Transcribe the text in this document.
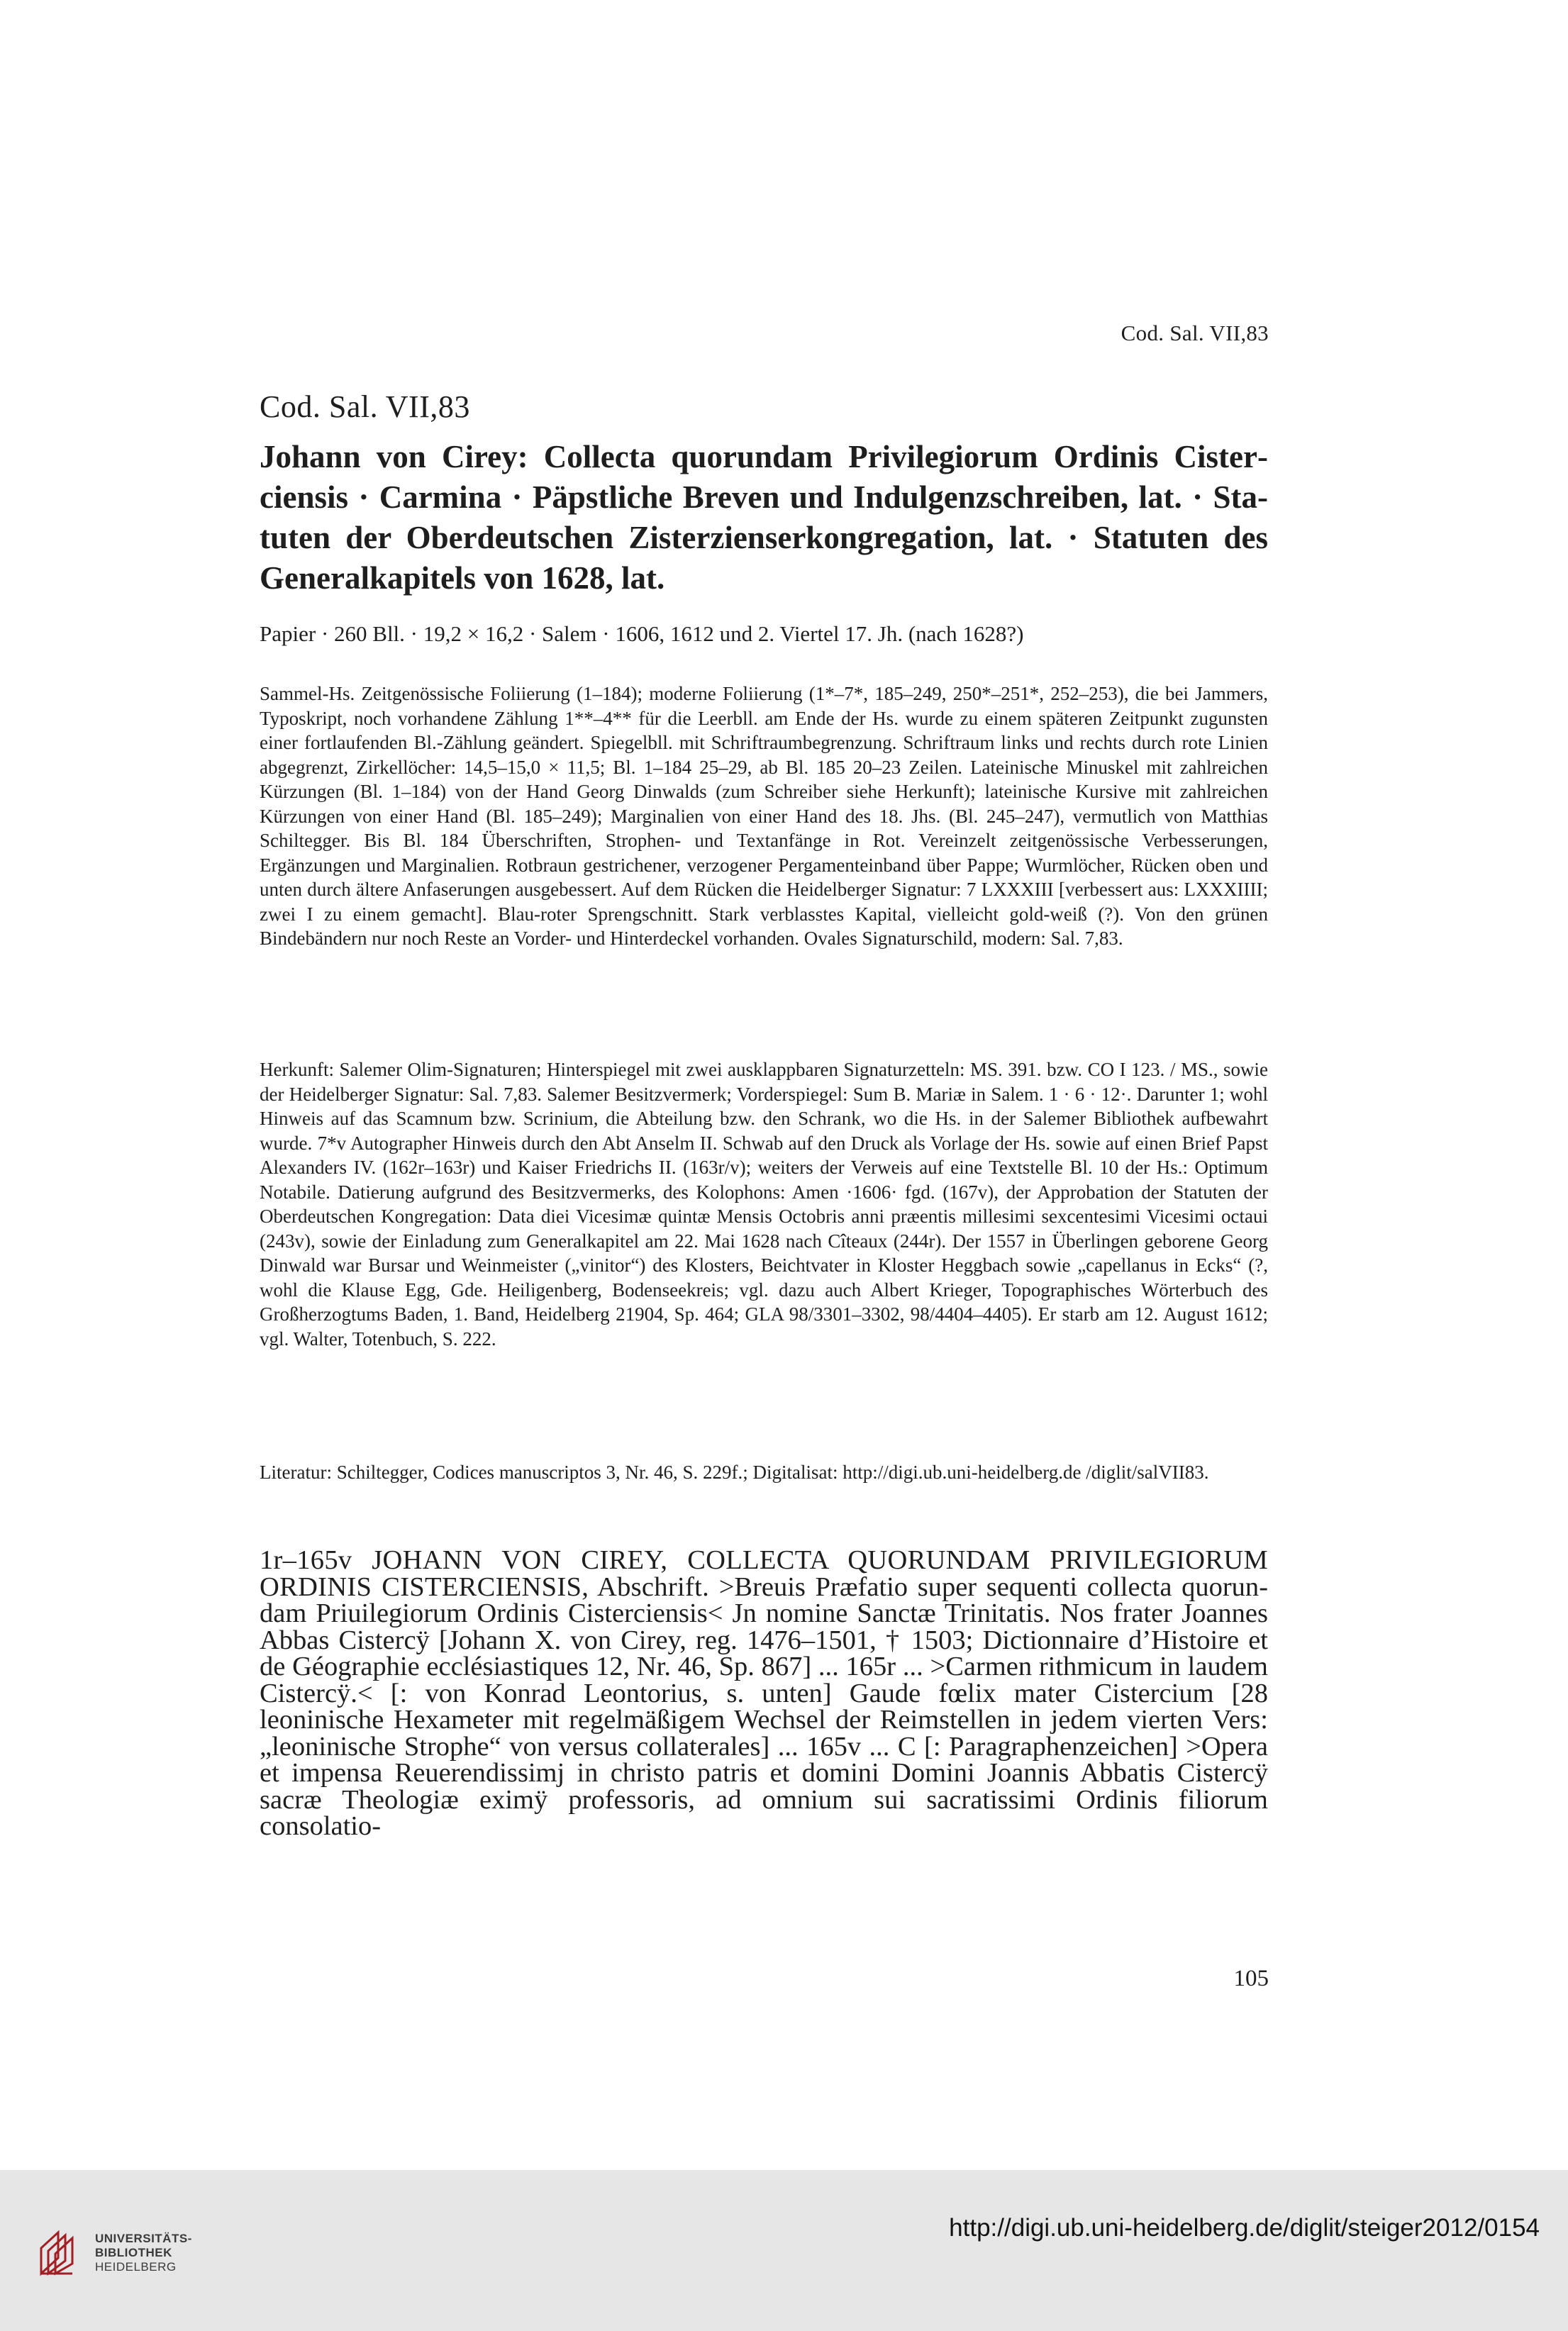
Cod. Sal. VII,83
Cod. Sal. VII,83
Johann von Cirey: Collecta quorundam Privilegiorum Ordinis Cisterciensis · Carmina · Päpstliche Breven und Indulgenzschreiben, lat. · Statuten der Oberdeutschen Zisterzienserkongregation, lat. · Statuten des Generalkapitels von 1628, lat.
Papier · 260 Bll. · 19,2 × 16,2 · Salem · 1606, 1612 und 2. Viertel 17. Jh. (nach 1628?)
Sammel-Hs. Zeitgenössische Foliierung (1–184); moderne Foliierung (1*–7*, 185–249, 250*–251*, 252–253), die bei Jammers, Typoskript, noch vorhandene Zählung 1**–4** für die Leerbll. am Ende der Hs. wurde zu einem späteren Zeitpunkt zugunsten einer fortlaufenden Bl.-Zählung geändert. Spiegelbll. mit Schriftraumbegrenzung. Schriftraum links und rechts durch rote Linien abgegrenzt, Zirkellöcher: 14,5–15,0 × 11,5; Bl. 1–184 25–29, ab Bl. 185 20–23 Zeilen. Lateinische Minuskel mit zahlreichen Kürzungen (Bl. 1–184) von der Hand Georg Dinwalds (zum Schreiber siehe Herkunft); lateinische Kursive mit zahlreichen Kürzungen von einer Hand (Bl. 185–249); Marginalien von einer Hand des 18. Jhs. (Bl. 245–247), vermutlich von Matthias Schiltegger. Bis Bl. 184 Überschriften, Strophen- und Textanfänge in Rot. Vereinzelt zeitgenössische Verbesserungen, Ergänzungen und Marginalien. Rotbraun gestrichener, verzogener Pergamenteinband über Pappe; Wurmlöcher, Rücken oben und unten durch ältere Anfaserungen ausgebessert. Auf dem Rücken die Heidelberger Signatur: 7 LXXXIII [verbessert aus: LXXXIIII; zwei I zu einem gemacht]. Blau-roter Sprengschnitt. Stark verblasstes Kapital, vielleicht gold-weiß (?). Von den grünen Bindebändern nur noch Reste an Vorder- und Hinterdeckel vorhanden. Ovales Signaturschild, modern: Sal. 7,83.
Herkunft: Salemer Olim-Signaturen; Hinterspiegel mit zwei ausklappbaren Signaturzetteln: MS. 391. bzw. CO I 123. / MS., sowie der Heidelberger Signatur: Sal. 7,83. Salemer Besitzvermerk; Vorderspiegel: Sum B. Mariæ in Salem. 1 · 6 · 12·. Darunter 1; wohl Hinweis auf das Scamnum bzw. Scrinium, die Abteilung bzw. den Schrank, wo die Hs. in der Salemer Bibliothek aufbewahrt wurde. 7*v Autographer Hinweis durch den Abt Anselm II. Schwab auf den Druck als Vorlage der Hs. sowie auf einen Brief Papst Alexanders IV. (162r–163r) und Kaiser Friedrichs II. (163r/v); weiters der Verweis auf eine Textstelle Bl. 10 der Hs.: Optimum Notabile. Datierung aufgrund des Besitzvermerks, des Kolophons: Amen ·1606· fgd. (167v), der Approbation der Statuten der Oberdeutschen Kongregation: Data diei Vicesimæ quintæ Mensis Octobris anni præentis millesimi sexcentesimi Vicesimi octaui (243v), sowie der Einladung zum Generalkapitel am 22. Mai 1628 nach Cîteaux (244r). Der 1557 in Überlingen geborene Georg Dinwald war Bursar und Weinmeister („vinitor“) des Klosters, Beichtvater in Kloster Heggbach sowie „capellanus in Ecks“ (?, wohl die Klause Egg, Gde. Heiligenberg, Bodenseekreis; vgl. dazu auch Albert Krieger, Topographisches Wörterbuch des Großherzogtums Baden, 1. Band, Heidelberg 21904, Sp. 464; GLA 98/3301–3302, 98/4404–4405). Er starb am 12. August 1612; vgl. Walter, Totenbuch, S. 222.
Literatur: Schiltegger, Codices manuscriptos 3, Nr. 46, S. 229f.; Digitalisat: http://digi.ub.uni-heidelberg.de /diglit/salVII83.
1r–165v JOHANN VON CIREY, COLLECTA QUORUNDAM PRIVILEGIORUM ORDINIS CISTERCIENSIS, Abschrift. >Breuis Præfatio super sequenti collecta quorundam Priuilegiorum Ordinis Cisterciensis< Jn nomine Sanctæ Trinitatis. Nos frater Joannes Abbas Cistercÿ [Johann X. von Cirey, reg. 1476–1501, † 1503; Dictionnaire d’Histoire et de Géographie ecclésiastiques 12, Nr. 46, Sp. 867] ... 165r ... >Carmen rithmicum in laudem Cistercÿ.< [: von Konrad Leontorius, s. unten] Gaude fœlix mater Cistercium [28 leoninische Hexameter mit regelmäßigem Wechsel der Reimstellen in jedem vierten Vers: „leoninische Strophe“ von versus collaterales] ... 165v ... C [: Paragraphenzeichen] >Opera et impensa Reuerendissimj in christo patris et domini Domini Joannis Abbatis Cistercÿ sacræ Theologiæ eximÿ professoris, ad omnium sui sacratissimi Ordinis filiorum consolatio-
105
UNIVERSITÄTS-
BIBLIOTHEK
HEIDELBERG
http://digi.ub.uni-heidelberg.de/diglit/steiger2012/0154
